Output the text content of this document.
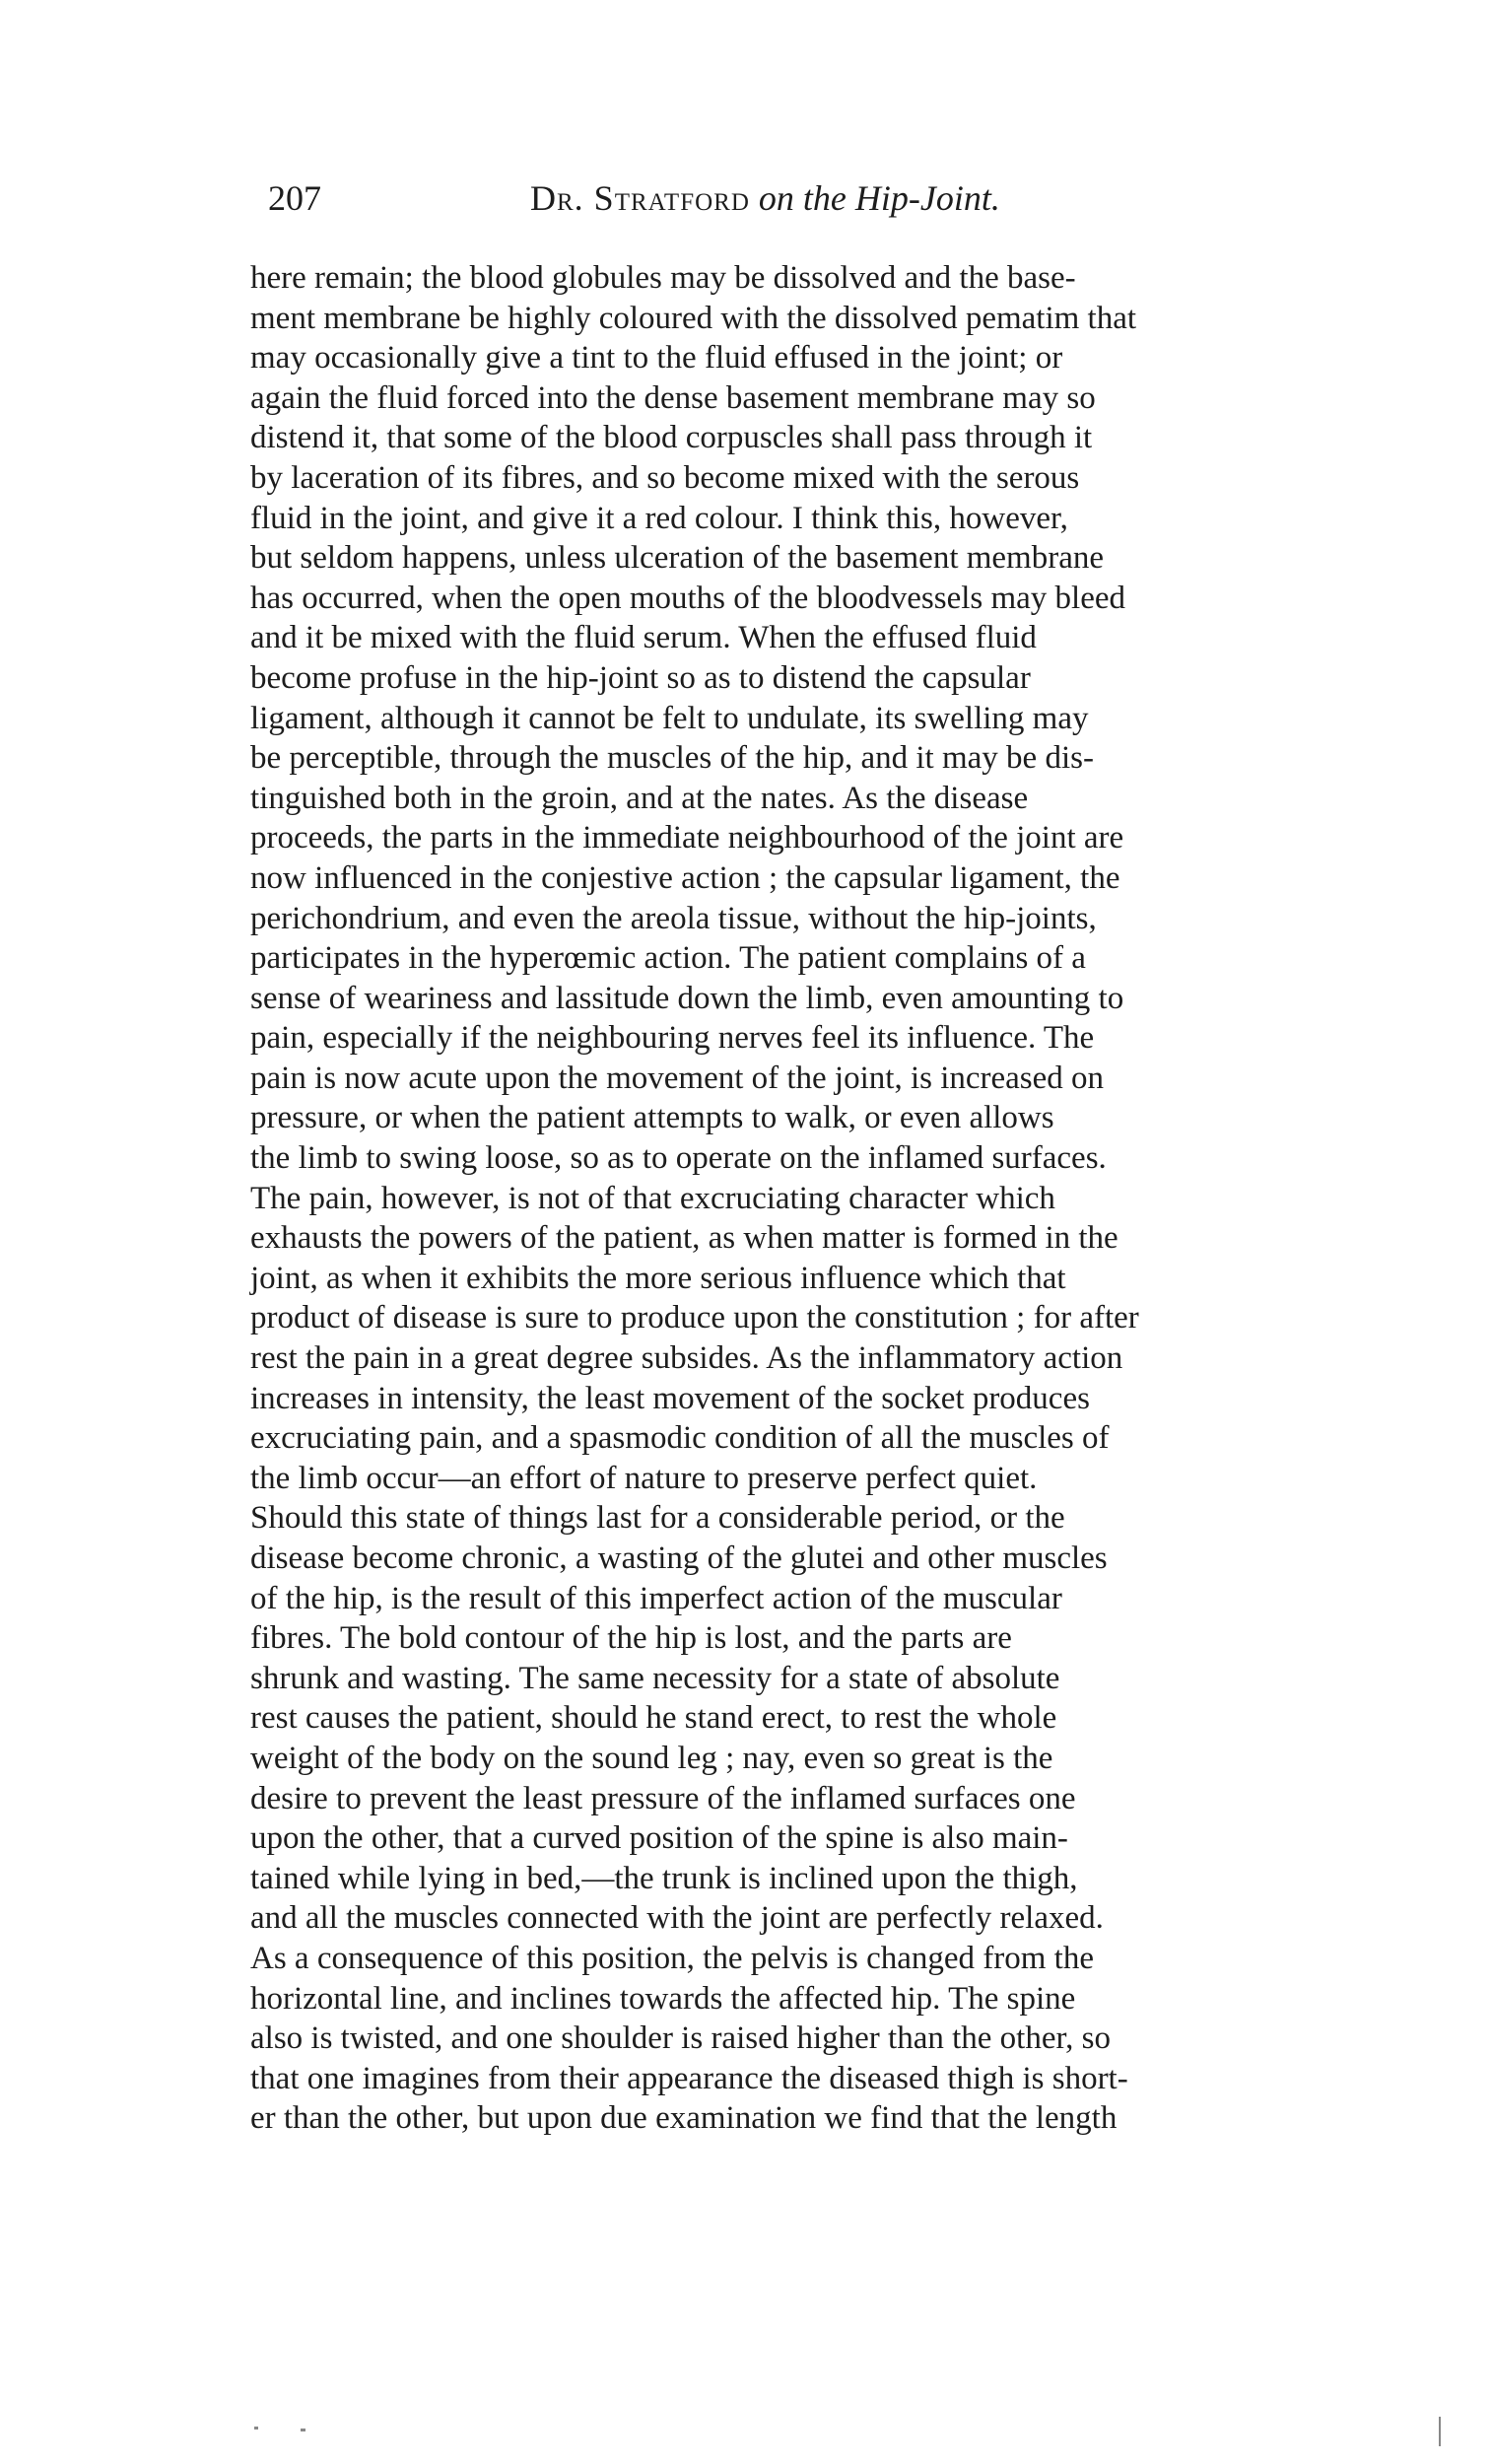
207	Dr. Stratford on the Hip-Joint.
here remain; the blood globules may be dissolved and the base-
ment membrane be highly coloured with the dissolved pematim that
may occasionally give a tint to the fluid effused in the joint; or
again the fluid forced into the dense basement membrane may so
distend it, that some of the blood corpuscles shall pass through it
by laceration of its fibres, and so become mixed with the serous
fluid in the joint, and give it a red colour. I think this, however,
but seldom happens, unless ulceration of the basement membrane
has occurred, when the open mouths of the bloodvessels may bleed
and it be mixed with the fluid serum. When the effused fluid
become profuse in the hip-joint so as to distend the capsular
ligament, although it cannot be felt to undulate, its swelling may
be perceptible, through the muscles of the hip, and it may be dis-
tinguished both in the groin, and at the nates. As the disease
proceeds, the parts in the immediate neighbourhood of the joint are
now influenced in the conjestive action ; the capsular ligament, the
perichondrium, and even the areola tissue, without the hip-joints,
participates in the hyperœmic action. The patient complains of a
sense of weariness and lassitude down the limb, even amounting to
pain, especially if the neighbouring nerves feel its influence. The
pain is now acute upon the movement of the joint, is increased on
pressure, or when the patient attempts to walk, or even allows
the limb to swing loose, so as to operate on the inflamed surfaces.
The pain, however, is not of that excruciating character which
exhausts the powers of the patient, as when matter is formed in the
joint, as when it exhibits the more serious influence which that
product of disease is sure to produce upon the constitution ; for after
rest the pain in a great degree subsides. As the inflammatory action
increases in intensity, the least movement of the socket produces
excruciating pain, and a spasmodic condition of all the muscles of
the limb occur—an effort of nature to preserve perfect quiet.
Should this state of things last for a considerable period, or the
disease become chronic, a wasting of the glutei and other muscles
of the hip, is the result of this imperfect action of the muscular
fibres. The bold contour of the hip is lost, and the parts are
shrunk and wasting. The same necessity for a state of absolute
rest causes the patient, should he stand erect, to rest the whole
weight of the body on the sound leg ; nay, even so great is the
desire to prevent the least pressure of the inflamed surfaces one
upon the other, that a curved position of the spine is also main-
tained while lying in bed,—the trunk is inclined upon the thigh,
and all the muscles connected with the joint are perfectly relaxed.
As a consequence of this position, the pelvis is changed from the
horizontal line, and inclines towards the affected hip. The spine
also is twisted, and one shoulder is raised higher than the other, so
that one imagines from their appearance the diseased thigh is short-
er than the other, but upon due examination we find that the length
